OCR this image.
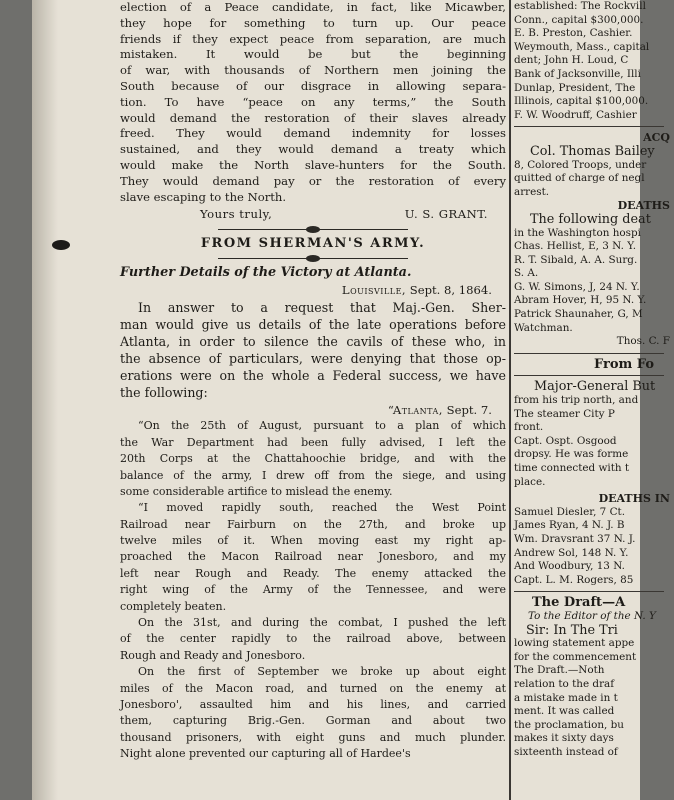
election of a Peace candidate, in fact, like Micawber,
they hope for something to turn up. Our peace
friends if they expect peace from separation, are much
mistaken. It would be but the beginning
of war, with thousands of Northern men joining the
South because of our disgrace in allowing separa-
tion. To have “peace on any terms,” the South
would demand the restoration of their slaves already
freed. They would demand indemnity for losses
sustained, and they would demand a treaty which
would make the North slave-hunters for the South.
They would demand pay or the restoration of every
slave escaping to the North.
Yours truly,	U. S. GRANT.
FROM SHERMAN'S ARMY.
Further Details of the Victory at Atlanta.
Louisville, Sept. 8, 1864.
In answer to a request that Maj.-Gen. Sher-
man would give us details of the late operations before
Atlanta, in order to silence the cavils of these who, in
the absence of particulars, were denying that those op-
erations were on the whole a Federal success, we have
the following:
“Atlanta, Sept. 7.
“On the 25th of August, pursuant to a plan of which
the War Department had been fully advised, I left the
20th Corps at the Chattahoochie bridge, and with the
balance of the army, I drew off from the siege, and using
some considerable artifice to mislead the enemy.
“I moved rapidly south, reached the West Point
Railroad near Fairburn on the 27th, and broke up
twelve miles of it. When moving east my right ap-
proached the Macon Railroad near Jonesboro, and my
left near Rough and Ready. The enemy attacked the
right wing of the Army of the Tennessee, and were
completely beaten.
On the 31st, and during the combat, I pushed the left
of the center rapidly to the railroad above, between
Rough and Ready and Jonesboro.
On the first of September we broke up about eight
miles of the Macon road, and turned on the enemy at
Jonesboro', assaulted him and his lines, and carried
them, capturing Brig.-Gen. Gorman and about two
thousand prisoners, with eight guns and much plunder.
Night alone prevented our capturing all of Hardee's
established: The Rockvill
Conn., capital $300,000.
E. B. Preston, Cashier.
Weymouth, Mass., capital
dent; John H. Loud, C
Bank of Jacksonville, Illi
Dunlap, President, The
Illinois, capital $100,000.
F. W. Woodruff, Cashier
ACQ
Col. Thomas Bailey
8, Colored Troops, under
quitted of charge of negl
arrest.
DEATHS
The following deat
in the Washington hospi
Chas. Hellist, E, 3 N. Y.
R. T. Sibald, A. A. Surg.
S. A.
G. W. Simons, J, 24 N. Y.
Abram Hover, H, 95 N. Y.
Patrick Shaunaher, G, M
Watchman.
Thos. C. F
From Fo
Major-General But
from his trip north, and
The steamer City P
front.
Capt. Ospt. Osgood
dropsy. He was forme
time connected with t
place.
DEATHS IN
Samuel Diesler, 7 Ct.
James Ryan, 4 N. J. B
Wm. Dravsrant 37 N. J.
Andrew Sol, 148 N. Y.
And Woodbury, 13 N.
Capt. L. M. Rogers, 85
The Draft—A
To the Editor of the N. Y
Sir: In The Tri
lowing statement appe
for the commencement
The Draft.—Noth
relation to the draf
a mistake made in t
ment. It was called
the proclamation, bu
makes it sixty days
sixteenth instead of
